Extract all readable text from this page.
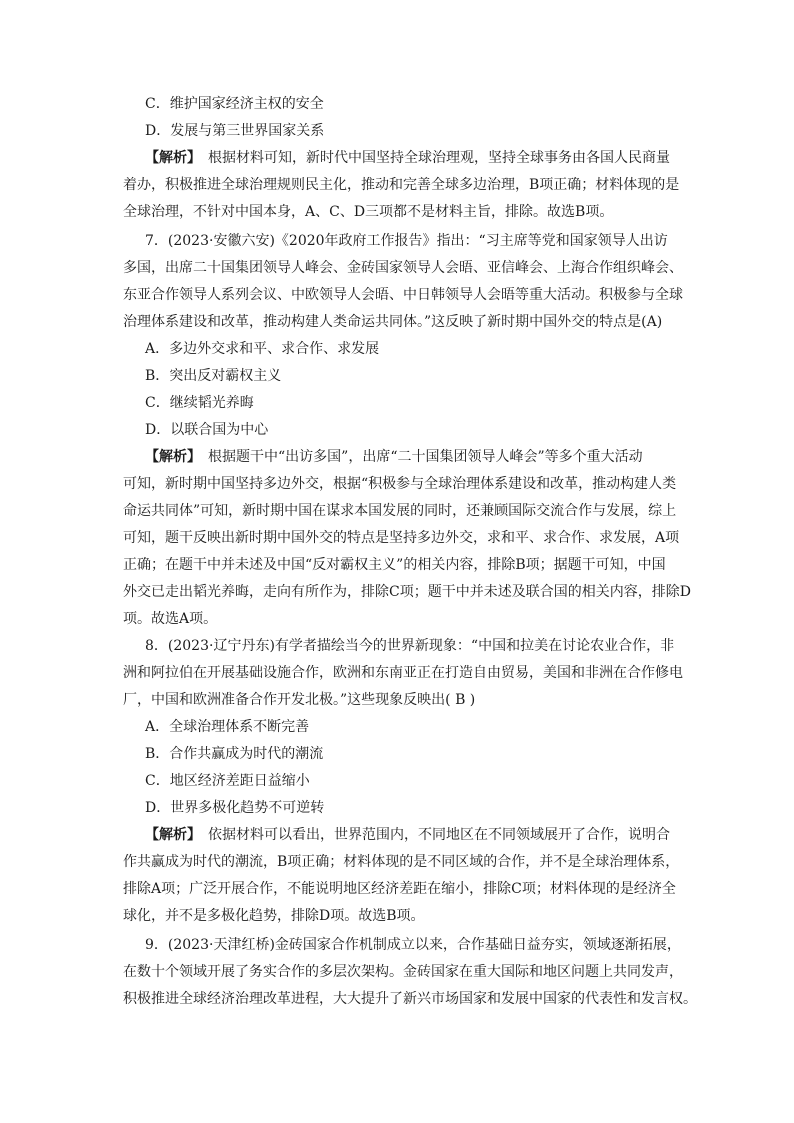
C．维护国家经济主权的安全
D．发展与第三世界国家关系
【解析】　根据材料可知，新时代中国坚持全球治理观，坚持全球事务由各国人民商量
着办，积极推进全球治理规则民主化，推动和完善全球多边治理，B项正确；材料体现的是
全球治理，不针对中国本身，A、C、D三项都不是材料主旨，排除。故选B项。
7．(2023·安徽六安)《2020年政府工作报告》指出：“习主席等党和国家领导人出访
多国，出席二十国集团领导人峰会、金砖国家领导人会晤、亚信峰会、上海合作组织峰会、
东亚合作领导人系列会议、中欧领导人会晤、中日韩领导人会晤等重大活动。积极参与全球
治理体系建设和改革，推动构建人类命运共同体。”这反映了新时期中国外交的特点是(A)
A．多边外交求和平、求合作、求发展
B．突出反对霸权主义
C．继续韬光养晦
D．以联合国为中心
【解析】　根据题干中“出访多国”，出席“二十国集团领导人峰会”等多个重大活动
可知，新时期中国坚持多边外交，根据“积极参与全球治理体系建设和改革，推动构建人类
命运共同体”可知，新时期中国在谋求本国发展的同时，还兼顾国际交流合作与发展，综上
可知，题干反映出新时期中国外交的特点是坚持多边外交，求和平、求合作、求发展，A项
正确；在题干中并未述及中国“反对霸权主义”的相关内容，排除B项；据题干可知，中国
外交已走出韬光养晦，走向有所作为，排除C项；题干中并未述及联合国的相关内容，排除D
项。故选A项。
8．(2023·辽宁丹东)有学者描绘当今的世界新现象：“中国和拉美在讨论农业合作，非
洲和阿拉伯在开展基础设施合作，欧洲和东南亚正在打造自由贸易，美国和非洲在合作修电
厂，中国和欧洲准备合作开发北极。”这些现象反映出( B )
A．全球治理体系不断完善
B．合作共赢成为时代的潮流
C．地区经济差距日益缩小
D．世界多极化趋势不可逆转
【解析】　依据材料可以看出，世界范围内，不同地区在不同领域展开了合作，说明合
作共赢成为时代的潮流，B项正确；材料体现的是不同区域的合作，并不是全球治理体系，
排除A项；广泛开展合作，不能说明地区经济差距在缩小，排除C项；材料体现的是经济全
球化，并不是多极化趋势，排除D项。故选B项。
9．(2023·天津红桥)金砖国家合作机制成立以来，合作基础日益夯实，领域逐渐拓展，
在数十个领域开展了务实合作的多层次架构。金砖国家在重大国际和地区问题上共同发声，
积极推进全球经济治理改革进程，大大提升了新兴市场国家和发展中国家的代表性和发言权。
